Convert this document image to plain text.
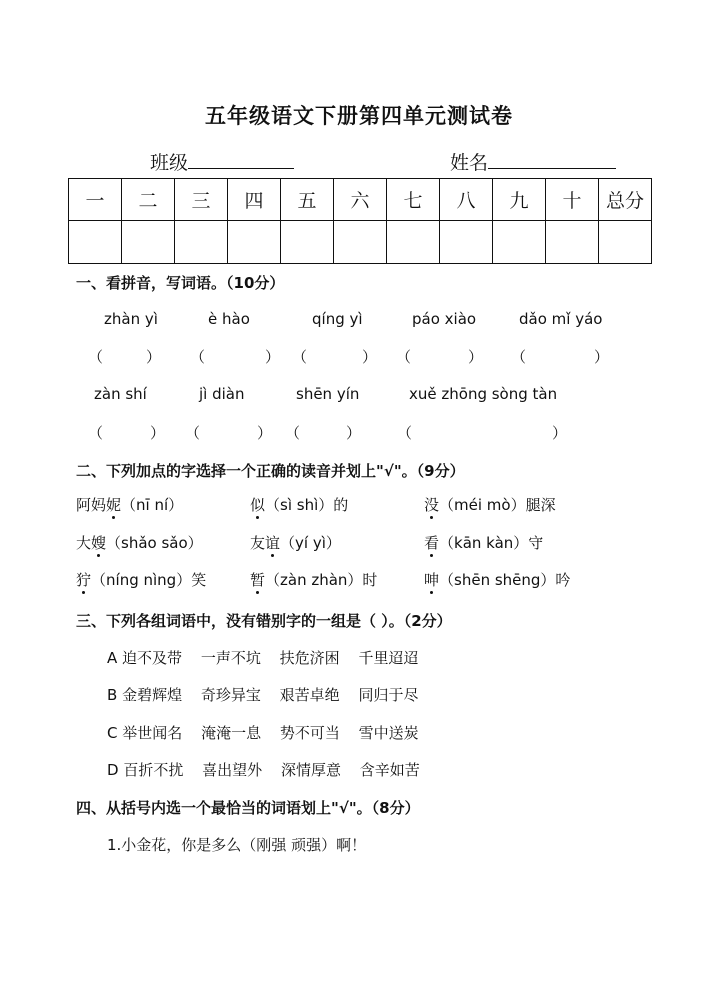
五年级语文下册第四单元测试卷
班级	姓名
一	二	三	四	五	六	七	八	九	十	总分

一、看拼音，写词语。（10分）
zhàn yì	è hào	qíng yì	páo xiào	dǎo mǐ yáo
（	） （	） （	） （	） （	）
zàn shí	jì diàn	shēn yín	xuě zhōng sòng tàn
（	） （	） （	） （	）
二、下列加点的字选择一个正确的读音并划上"√"。（9分）
阿妈妮（nī ní）	似（sì shì）的	没（méi mò）腿深
大嫂（shǎo sǎo）	友谊（yí yì）	看（kān kàn）守
狞（níng nìng）笑	暂（zàn zhàn）时	呻（shēn shēng）吟
三、下列各组词语中，没有错别字的一组是（ ）。（2分）
A 迫不及带 一声不坑 扶危济困 千里迢迢
B 金碧辉煌 奇珍异宝 艰苦卓绝 同归于尽
C 举世闻名 淹淹一息 势不可当 雪中送炭
D 百折不扰 喜出望外 深情厚意 含辛如苦
四、从括号内选一个最恰当的词语划上"√"。（8分）
1.小金花，你是多么（刚强 顽强）啊！
